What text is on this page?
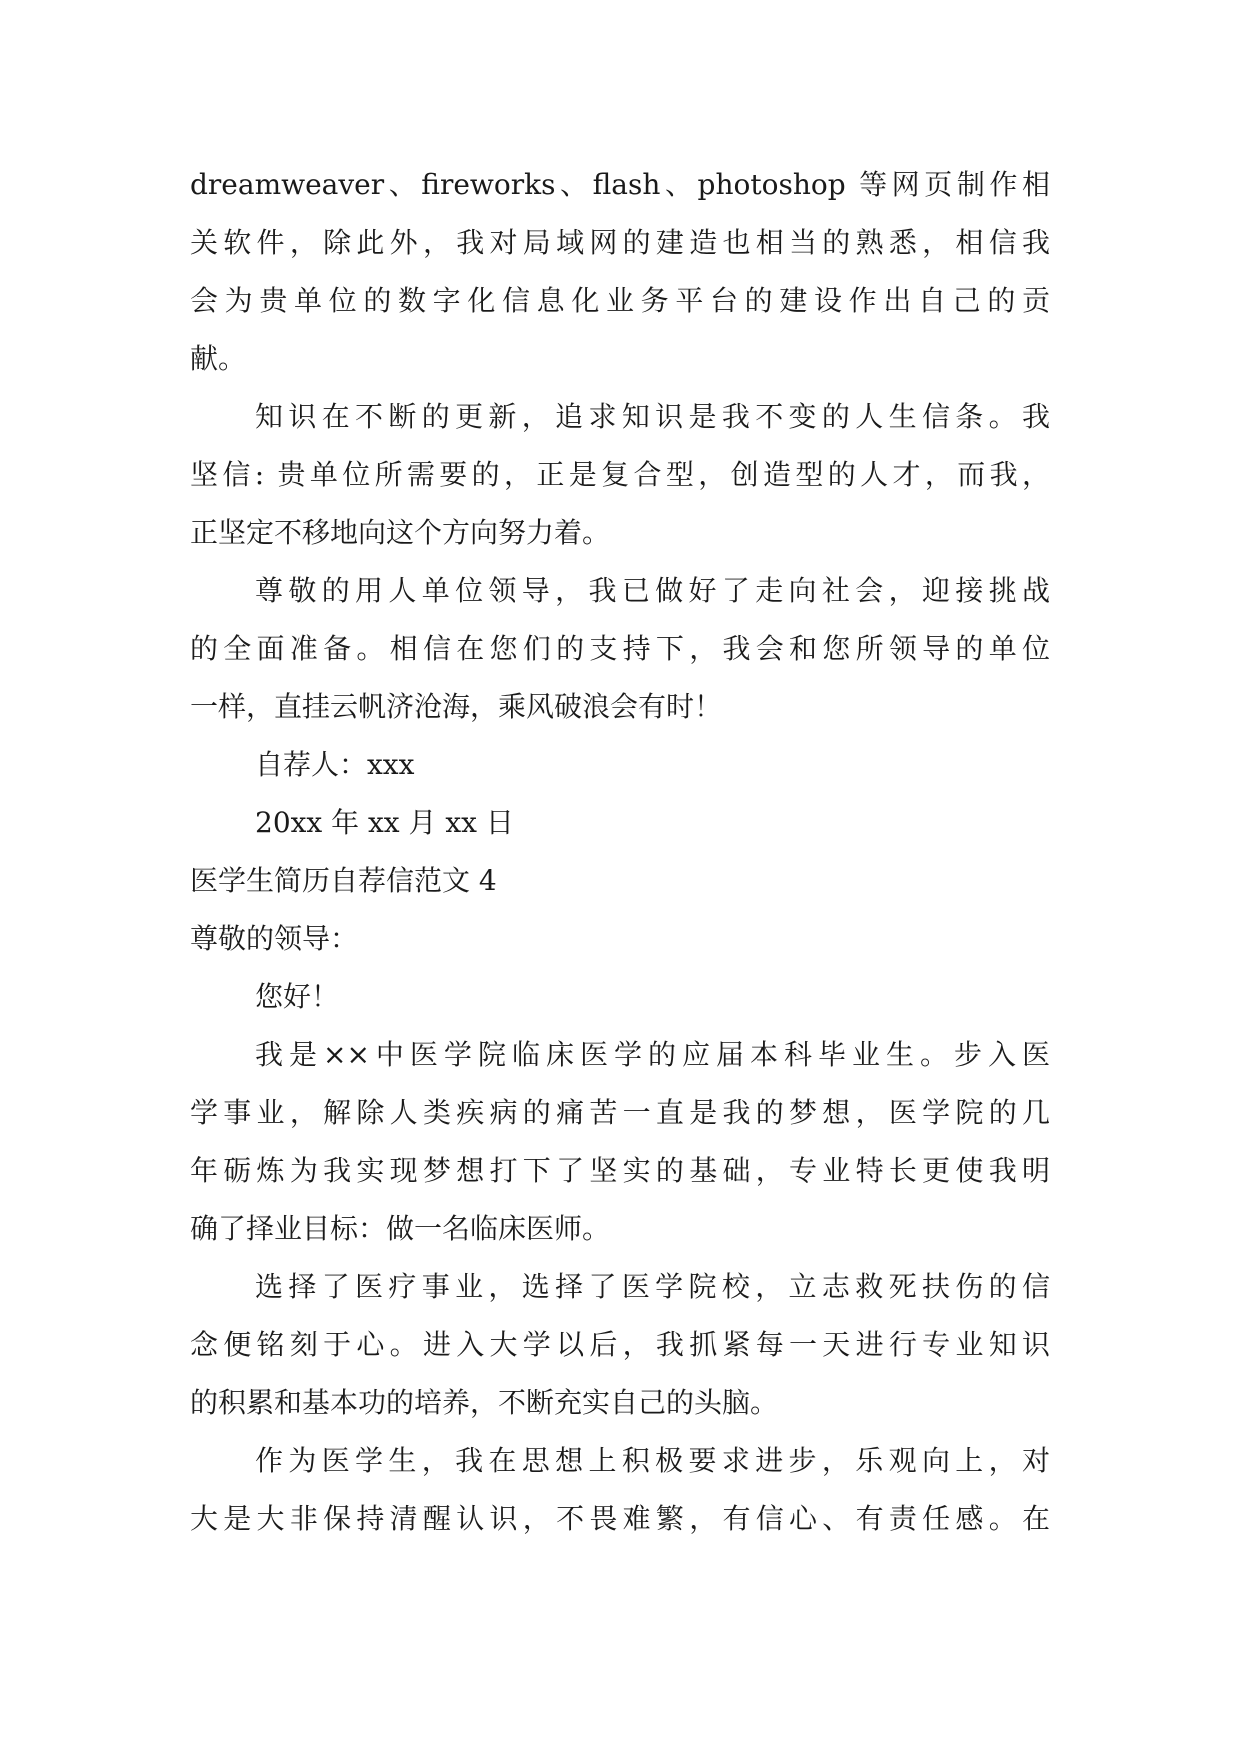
dreamweaver、fireworks、flash、photoshop 等网页制作相
关软件，除此外，我对局域网的建造也相当的熟悉，相信我
会为贵单位的数字化信息化业务平台的建设作出自己的贡
献。
知识在不断的更新，追求知识是我不变的人生信条。我
坚信: 贵单位所需要的，正是复合型，创造型的人才，而我，
正坚定不移地向这个方向努力着。
尊敬的用人单位领导，我已做好了走向社会，迎接挑战
的全面准备。相信在您们的支持下，我会和您所领导的单位
一样，直挂云帆济沧海，乘风破浪会有时！
自荐人：xxx
20xx 年 xx 月 xx 日
医学生简历自荐信范文 4
尊敬的领导：
您好！
我是××中医学院临床医学的应届本科毕业生。步入医
学事业，解除人类疾病的痛苦一直是我的梦想，医学院的几
年砺炼为我实现梦想打下了坚实的基础，专业特长更使我明
确了择业目标：做一名临床医师。
选择了医疗事业，选择了医学院校，立志救死扶伤的信
念便铭刻于心。进入大学以后，我抓紧每一天进行专业知识
的积累和基本功的培养，不断充实自己的头脑。
作为医学生，我在思想上积极要求进步，乐观向上，对
大是大非保持清醒认识，不畏难繁，有信心、有责任感。在
